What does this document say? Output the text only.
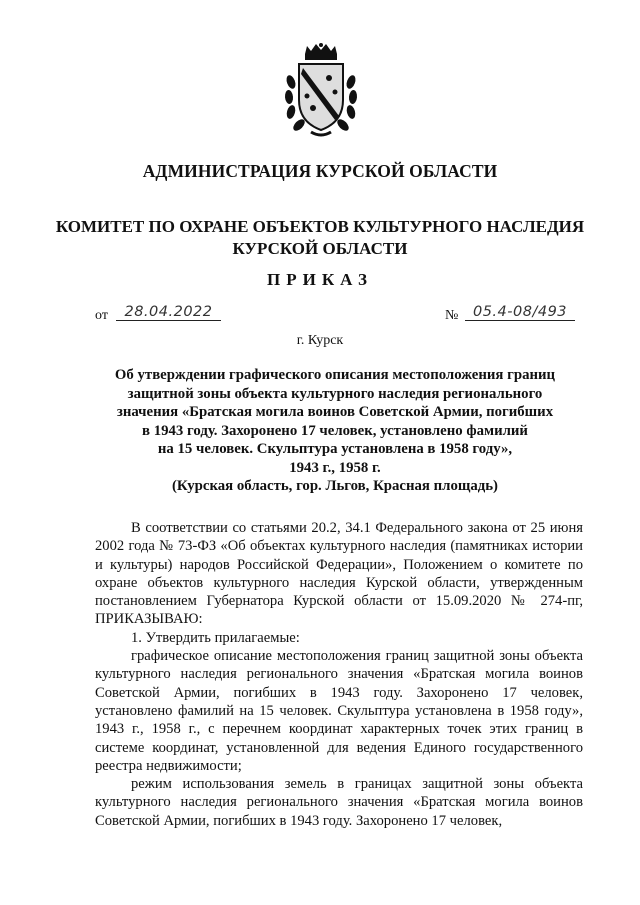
АДМИНИСТРАЦИЯ КУРСКОЙ ОБЛАСТИ
КОМИТЕТ ПО ОХРАНЕ ОБЪЕКТОВ КУЛЬТУРНОГО НАСЛЕДИЯ
КУРСКОЙ ОБЛАСТИ
ПРИКАЗ
от	28.04.2022	№	05.4-08/493
г. Курск
Об утверждении графического описания местоположения границ
защитной зоны объекта культурного наследия регионального
значения «Братская могила воинов Советской Армии, погибших
в 1943 году. Захоронено 17 человек, установлено фамилий
на 15 человек. Скульптура установлена в 1958 году»,
1943 г., 1958 г.
(Курская область, гор. Льгов, Красная площадь)

В соответствии со статьями 20.2, 34.1 Федерального закона от 25 июня 2002 года № 73-ФЗ «Об объектах культурного наследия (памятниках истории и культуры) народов Российской Федерации», Положением о комитете по охране объектов культурного наследия Курской области, утвержденным постановлением Губернатора Курской области от 15.09.2020 № 274-пг, ПРИКАЗЫВАЮ:

1. Утвердить прилагаемые:

графическое описание местоположения границ защитной зоны объекта культурного наследия регионального значения «Братская могила воинов Советской Армии, погибших в 1943 году. Захоронено 17 человек, установлено фамилий на 15 человек. Скульптура установлена в 1958 году», 1943 г., 1958 г., с перечнем координат характерных точек этих границ в системе координат, установленной для ведения Единого государственного реестра недвижимости;

режим использования земель в границах защитной зоны объекта культурного наследия регионального значения «Братская могила воинов Советской Армии, погибших в 1943 году. Захоронено 17 человек,
